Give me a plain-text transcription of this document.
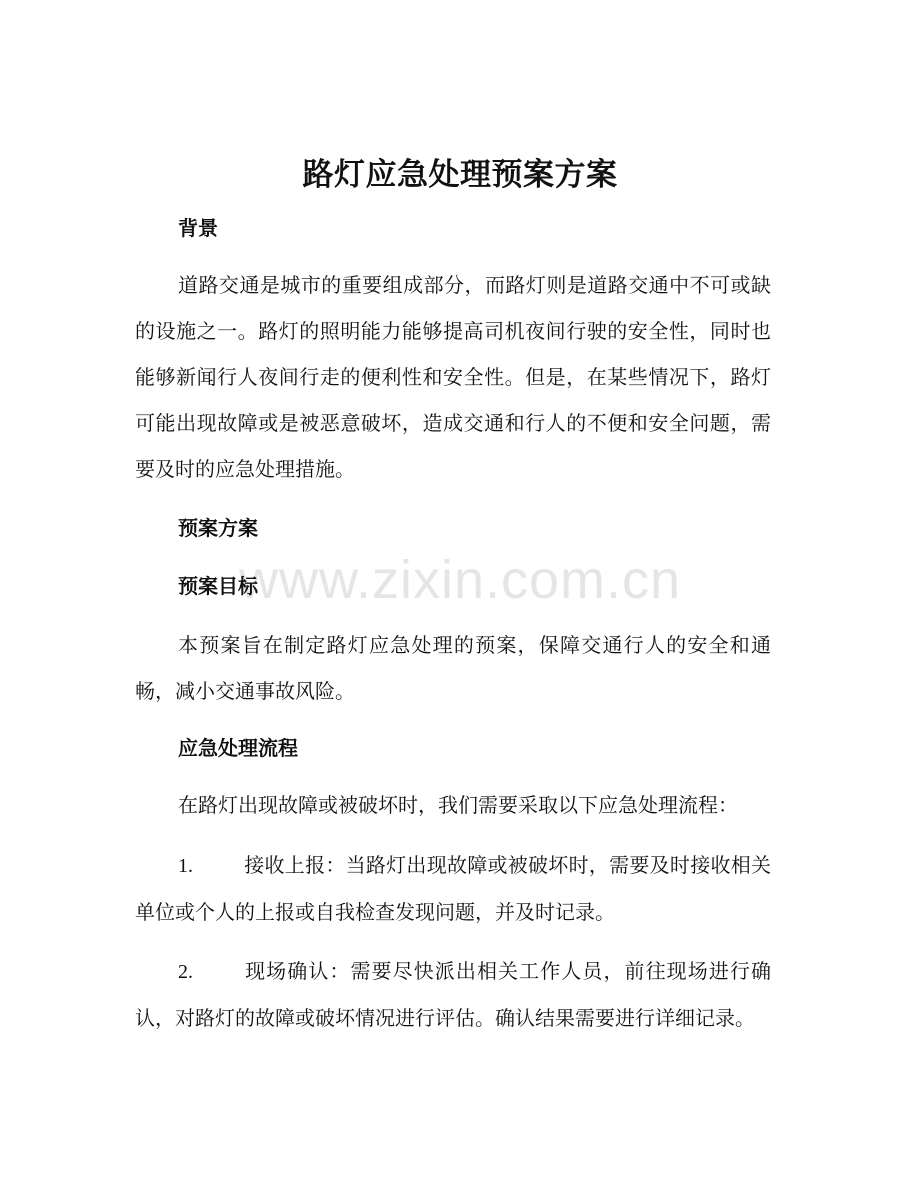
www.zixin.com.cn
路灯应急处理预案方案
背景

道路交通是城市的重要组成部分，而路灯则是道路交通中不可或缺的设施之一。路灯的照明能力能够提高司机夜间行驶的安全性，同时也能够新闻行人夜间行走的便利性和安全性。但是，在某些情况下，路灯可能出现故障或是被恶意破坏，造成交通和行人的不便和安全问题，需要及时的应急处理措施。

预案方案
预案目标

本预案旨在制定路灯应急处理的预案，保障交通行人的安全和通畅，减小交通事故风险。

应急处理流程

在路灯出现故障或被破坏时，我们需要采取以下应急处理流程：

1.	接收上报：当路灯出现故障或被破坏时，需要及时接收相关单位或个人的上报或自我检查发现问题，并及时记录。

2.	现场确认：需要尽快派出相关工作人员，前往现场进行确认，对路灯的故障或破坏情况进行评估。确认结果需要进行详细记录。
